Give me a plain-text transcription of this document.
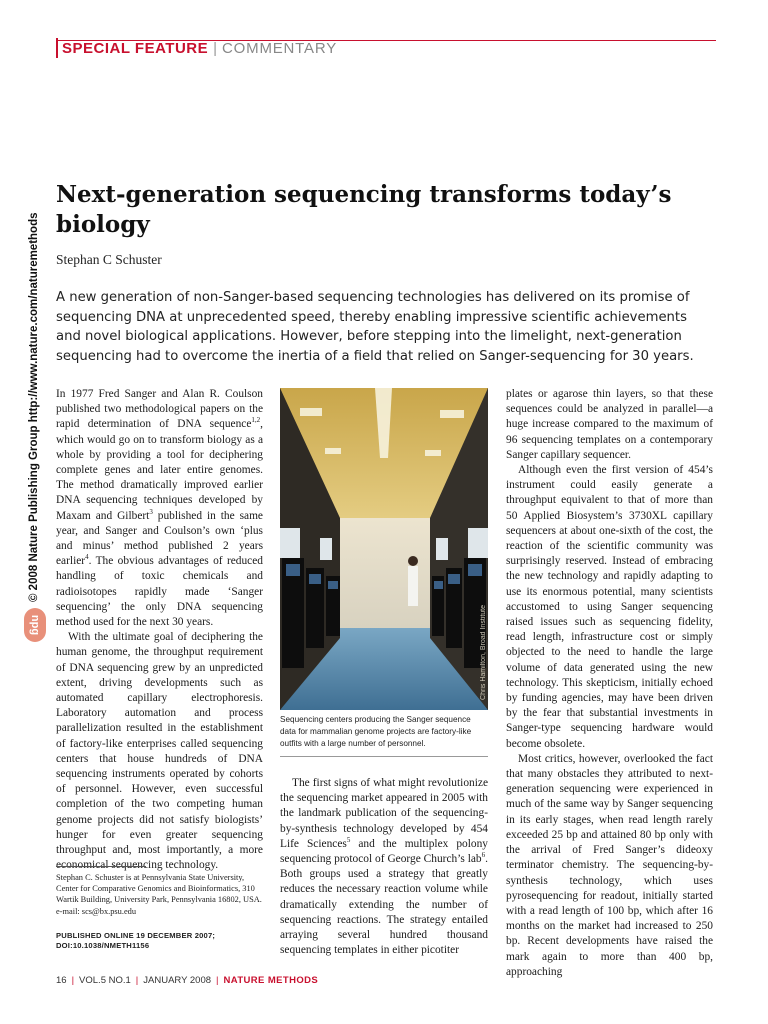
SPECIAL FEATURE | COMMENTARY
© 2008 Nature Publishing Group http://www.nature.com/naturemethods
npg
Next-generation sequencing transforms today’s biology

Stephan C Schuster

A new generation of non-Sanger-based sequencing technologies has delivered on its promise of sequencing DNA at unprecedented speed, thereby enabling impressive scientific achievements and novel biological applications. However, before stepping into the limelight, next-generation sequencing had to overcome the inertia of a field that relied on Sanger-sequencing for 30 years.

In 1977 Fred Sanger and Alan R. Coulson published two methodological papers on the rapid determination of DNA sequence$^{1,2}$, which would go on to transform biology as a whole by providing a tool for deciphering complete genes and later entire genomes. The method dramatically improved earlier DNA sequencing techniques developed by Maxam and Gilbert$^3$ published in the same year, and Sanger and Coulson’s own ‘plus and minus’ method published 2 years earlier$^4$. The obvious advantages of reduced handling of toxic chemicals and radioisotopes rapidly made ‘Sanger sequencing’ the only DNA sequencing method used for the next 30 years.

With the ultimate goal of deciphering the human genome, the throughput requirement of DNA sequencing grew by an unpredicted extent, driving developments such as automated capillary electrophoresis. Laboratory automation and process parallelization resulted in the establishment of factory-like enterprises called sequencing centers that house hundreds of DNA sequencing instruments operated by cohorts of personnel. However, even successful completion of the two competing human genome projects did not satisfy biologists’ hunger for even greater sequencing throughput and, most importantly, a more economical sequencing technology.

Chris Hamilton, Broad Institute
Sequencing centers producing the Sanger sequence data for mammalian genome projects are factory-like outfits with a large number of personnel.

The first signs of what might revolutionize the sequencing market appeared in 2005 with the landmark publication of the sequencing-by-synthesis technology developed by 454 Life Sciences$^5$ and the multiplex polony sequencing protocol of George Church’s lab$^6$. Both groups used a strategy that greatly reduces the necessary reaction volume while dramatically extending the number of sequencing reactions. The strategy entailed arraying several hundred thousand sequencing templates in either picotiter

plates or agarose thin layers, so that these sequences could be analyzed in parallel—a huge increase compared to the maximum of 96 sequencing templates on a contemporary Sanger capillary sequencer.

Although even the first version of 454’s instrument could easily generate a throughput equivalent to that of more than 50 Applied Biosystem’s 3730XL capillary sequencers at about one-sixth of the cost, the reaction of the scientific community was surprisingly reserved. Instead of embracing the new technology and rapidly adapting to use its enormous potential, many scientists accustomed to using Sanger sequencing raised issues such as sequencing fidelity, read length, infrastructure cost or simply objected to the need to handle the large volume of data generated using the new technology. This skepticism, initially echoed by funding agencies, may have been driven by the fear that substantial investments in Sanger-type sequencing hardware would become obsolete.

Most critics, however, overlooked the fact that many obstacles they attributed to next-generation sequencing were experienced in much of the same way by Sanger sequencing in its early stages, when read length rarely exceeded 25 bp and attained 80 bp only with the arrival of Fred Sanger’s dideoxy terminator chemistry. The sequencing-by-synthesis technology, which uses pyrosequencing for readout, initially started with a read length of 100 bp, which after 16 months on the market had increased to 250 bp. Recent developments have raised the mark again to more than 400 bp, approaching

Stephan C. Schuster is at Pennsylvania State University, Center for Comparative Genomics and Bioinformatics, 310 Wartik Building, University Park, Pennsylvania 16802, USA.
e-mail: scs@bx.psu.edu
PUBLISHED ONLINE 19 DECEMBER 2007;
DOI:10.1038/NMETH1156
16 | VOL.5 NO.1 | JANUARY 2008 | NATURE METHODS
